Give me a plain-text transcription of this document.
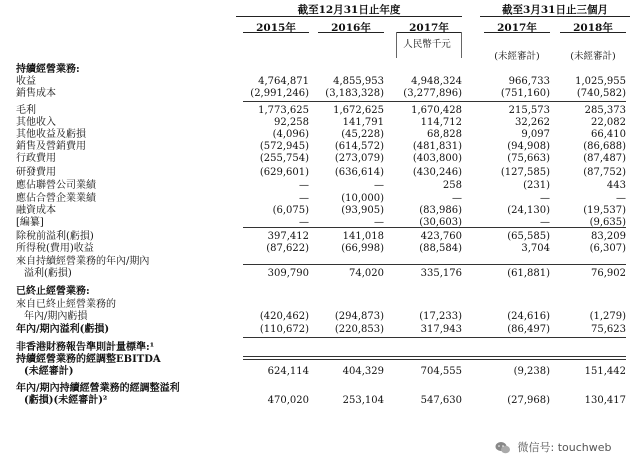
截至12月31日止年度	截至3月31日止三個月
2015年	2016年	2017年	2017年	2018年
人民幣千元
(未經審計)	(未經審計)
持續經營業務:
收益	4,764,871	4,855,953	4,948,324	966,733	1,025,955
銷售成本	(2,991,246)	(3,183,328)	(3,277,896)	(751,160)	(740,582)
毛利	1,773,625	1,672,625	1,670,428	215,573	285,373
其他收入	92,258	141,791	114,712	32,262	22,082
其他收益及虧損	(4,096)	(45,228)	68,828	9,097	66,410
銷售及營銷費用	(572,945)	(614,572)	(481,831)	(94,908)	(86,688)
行政費用	(255,754)	(273,079)	(403,800)	(75,663)	(87,487)
研發費用	(629,601)	(636,614)	(430,246)	(127,585)	(87,752)
應佔聯營公司業績	—	—	258	(231)	443
應佔合營企業業績	—	(10,000)	—	—	—
融資成本	(6,075)	(93,905)	(83,986)	(24,130)	(19,537)
[編纂]	—	—	(30,603)	—	(9,635)
除稅前溢利(虧損)	397,412	141,018	423,760	(65,585)	83,209
所得稅(費用)收益	(87,622)	(66,998)	(88,584)	3,704	(6,307)
來自持續經營業務的年內/期內
溢利(虧損)	309,790	74,020	335,176	(61,881)	76,902
已終止經營業務:
來自已終止經營業務的
年內/期內虧損	(420,462)	(294,873)	(17,233)	(24,616)	(1,279)
年內/期內溢利(虧損)	(110,672)	(220,853)	317,943	(86,497)	75,623
非香港財務報告準則計量標準:¹
持續經營業務的經調整EBITDA
(未經審計)	624,114	404,329	704,555	(9,238)	151,442
年內/期內持續經營業務的經調整溢利
(虧損)(未經審計)²	470,020	253,104	547,630	(27,968)	130,417
微信号: touchweb
